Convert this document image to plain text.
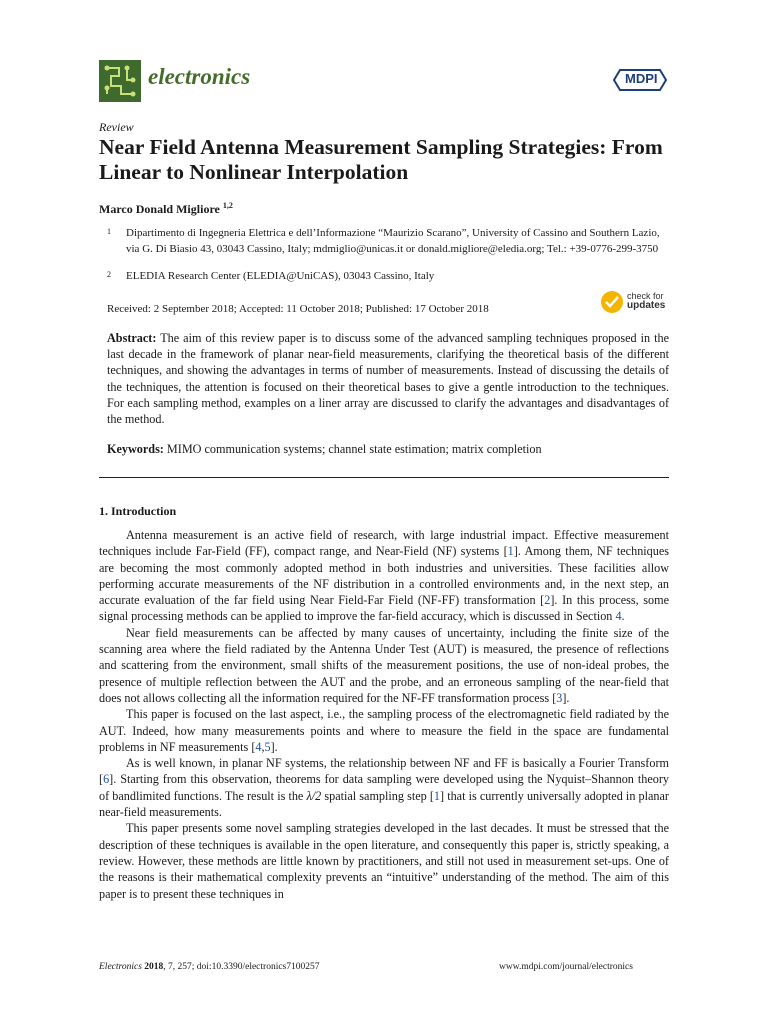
electronics	MDPI
Review
Near Field Antenna Measurement Sampling Strategies: From Linear to Nonlinear Interpolation
Marco Donald Migliore $^{1,2}$
1 Dipartimento di Ingegneria Elettrica e dell’Informazione “Maurizio Scarano”, University of Cassino and Southern Lazio, via G. Di Biasio 43, 03043 Cassino, Italy; mdmiglio@unicas.it or donald.migliore@eledia.org; Tel.: +39-0776-299-3750
2 ELEDIA Research Center (ELEDIA@UniCAS), 03043 Cassino, Italy
Received: 2 September 2018; Accepted: 11 October 2018; Published: 17 October 2018
check for
updates
Abstract: The aim of this review paper is to discuss some of the advanced sampling techniques proposed in the last decade in the framework of planar near-field measurements, clarifying the theoretical basis of the different techniques, and showing the advantages in terms of number of measurements. Instead of discussing the details of the techniques, the attention is focused on their theoretical bases to give a gentle introduction to the techniques. For each sampling method, examples on a liner array are discussed to clarify the advantages and disadvantages of the method.
Keywords: MIMO communication systems; channel state estimation; matrix completion
1. Introduction

Antenna measurement is an active field of research, with large industrial impact. Effective measurement techniques include Far-Field (FF), compact range, and Near-Field (NF) systems [1]. Among them, NF techniques are becoming the most commonly adopted method in both industries and universities. These facilities allow performing accurate measurements of the NF distribution in a controlled environments and, in the next step, an accurate evaluation of the far field using Near Field-Far Field (NF-FF) transformation [2]. In this process, some signal processing methods can be applied to improve the far-field accuracy, which is discussed in Section 4.

Near field measurements can be affected by many causes of uncertainty, including the finite size of the scanning area where the field radiated by the Antenna Under Test (AUT) is measured, the presence of reflections and scattering from the environment, small shifts of the measurement positions, the use of non-ideal probes, the presence of multiple reflection between the AUT and the probe, and an erroneous sampling of the near-field that does not allows collecting all the information required for the NF-FF transformation process [3].

This paper is focused on the last aspect, i.e., the sampling process of the electromagnetic field radiated by the AUT. Indeed, how many measurements points and where to measure the field in the space are fundamental problems in NF measurements [4,5].

As is well known, in planar NF systems, the relationship between NF and FF is basically a Fourier Transform [6]. Starting from this observation, theorems for data sampling were developed using the Nyquist–Shannon theory of bandlimited functions. The result is the λ/2 spatial sampling step [1] that is currently universally adopted in planar near-field measurements.

This paper presents some novel sampling strategies developed in the last decades. It must be stressed that the description of these techniques is available in the open literature, and consequently this paper is, strictly speaking, a review. However, these methods are little known by practitioners, and still not used in measurement set-ups. One of the reasons is their mathematical complexity prevents an “intuitive” understanding of the method. The aim of this paper is to present these techniques in

Electronics 2018, 7, 257; doi:10.3390/electronics7100257	www.mdpi.com/journal/electronics
